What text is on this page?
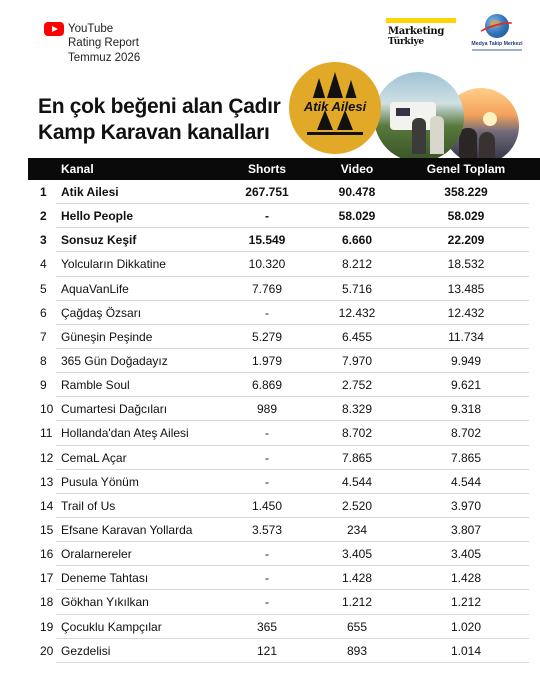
YouTube
Rating Report
Temmuz 2026
Marketing
Türkiye	Medya Takip Merkezi
En çok beğeni alan Çadır
Kamp Karavan kanalları
Atik Ailesi
Kanal	Shorts	Video	Genel Toplam
1 Atik Ailesi	267.751	90.478	358.229
2 Hello People	-	58.029	58.029
3 Sonsuz Keşif	15.549	6.660	22.209
4 Yolcuların Dikkatine	10.320	8.212	18.532
5 AquaVanLife	7.769	5.716	13.485
6 Çağdaş Özsarı	-	12.432	12.432
7 Güneşin Peşinde	5.279	6.455	11.734
8 365 Gün Doğadayız	1.979	7.970	9.949
9 Ramble Soul	6.869	2.752	9.621
10 Cumartesi Dağcıları	989	8.329	9.318
11 Hollanda'dan Ateş Ailesi	-	8.702	8.702
12 CemaL Açar	-	7.865	7.865
13 Pusula Yönüm	-	4.544	4.544
14 Trail of Us	1.450	2.520	3.970
15 Efsane Karavan Yollarda	3.573	234	3.807
16 Oralarnereler	-	3.405	3.405
17 Deneme Tahtası	-	1.428	1.428
18 Gökhan Yıkılkan	-	1.212	1.212
19 Çocuklu Kampçılar	365	655	1.020
20 Gezdelisi	121	893	1.014
